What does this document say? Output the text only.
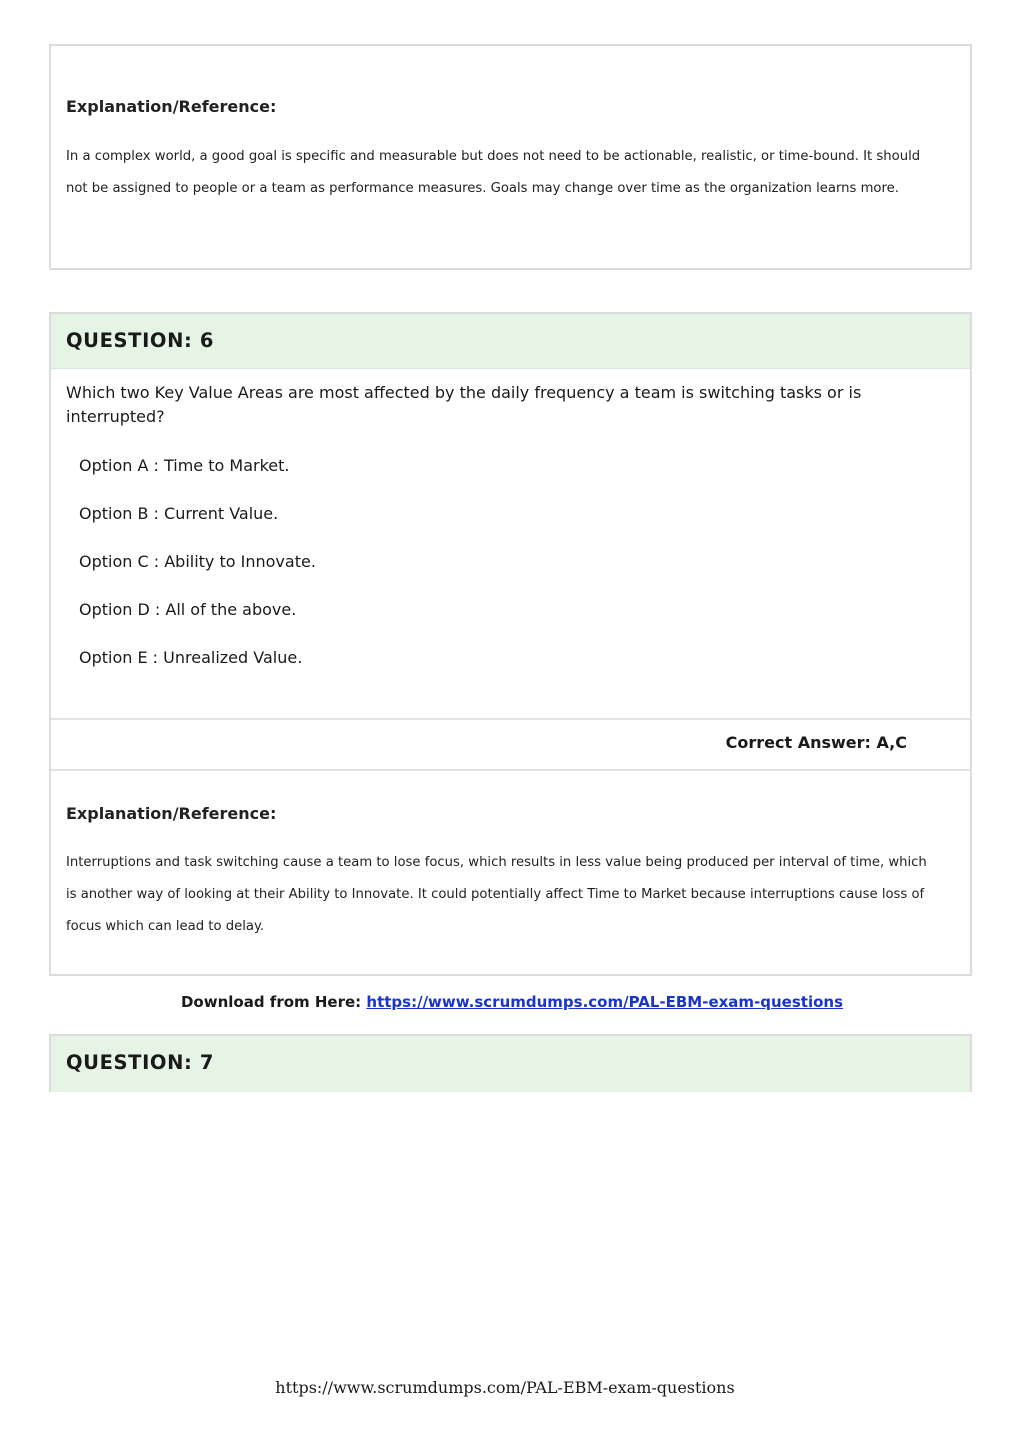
Explanation/Reference:
In a complex world, a good goal is specific and measurable but does not need to be actionable, realistic, or time-bound. It should not be assigned to people or a team as performance measures. Goals may change over time as the organization learns more.
QUESTION: 6
Which two Key Value Areas are most affected by the daily frequency a team is switching tasks or is interrupted?
Option A : Time to Market.
Option B : Current Value.
Option C : Ability to Innovate.
Option D : All of the above.
Option E : Unrealized Value.
Correct Answer: A,C
Explanation/Reference:
Interruptions and task switching cause a team to lose focus, which results in less value being produced per interval of time, which is another way of looking at their Ability to Innovate. It could potentially affect Time to Market because interruptions cause loss of focus which can lead to delay.
Download from Here: https://www.scrumdumps.com/PAL-EBM-exam-questions
QUESTION: 7
https://www.scrumdumps.com/PAL-EBM-exam-questions
